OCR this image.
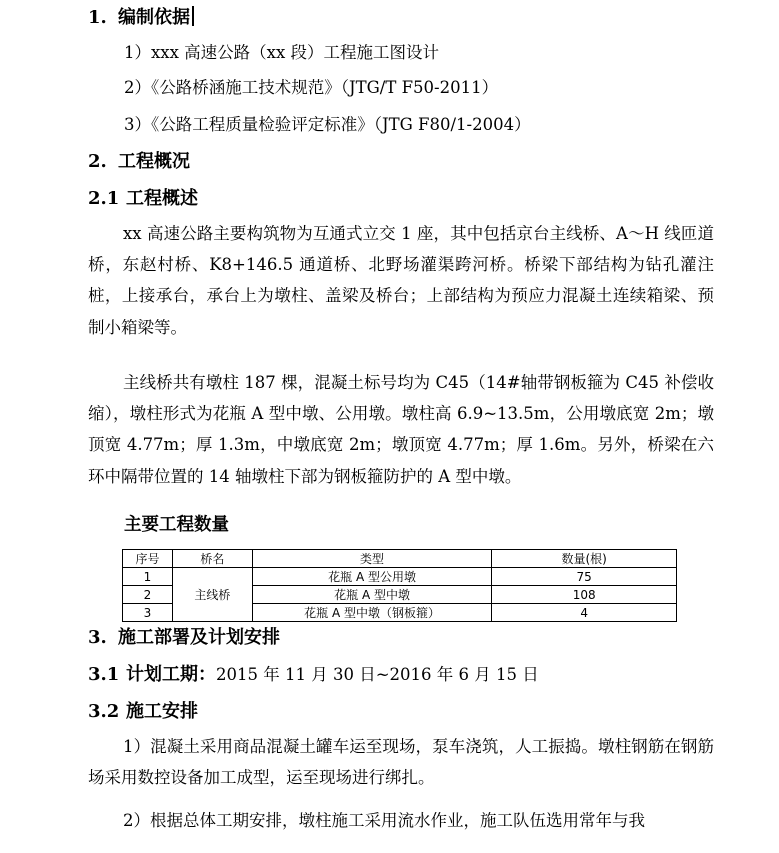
1. 编制依据
1）xxx 高速公路（xx 段）工程施工图设计
2）《公路桥涵施工技术规范》（JTG/T F50-2011）
3）《公路工程质量检验评定标准》（JTG F80/1-2004）
2. 工程概况
2.1 工程概述

xx 高速公路主要构筑物为互通式立交 1 座，其中包括京台主线桥、A～H 线匝道桥，东赵村桥、K8+146.5 通道桥、北野场灌渠跨河桥。桥梁下部结构为钻孔灌注桩，上接承台，承台上为墩柱、盖梁及桥台；上部结构为预应力混凝土连续箱梁、预制小箱梁等。

主线桥共有墩柱 187 棵，混凝土标号均为 C45（14#轴带钢板箍为 C45 补偿收缩），墩柱形式为花瓶 A 型中墩、公用墩。墩柱高 6.9~13.5m，公用墩底宽 2m；墩顶宽 4.77m；厚 1.3m，中墩底宽 2m；墩顶宽 4.77m；厚 1.6m。另外，桥梁在六环中隔带位置的 14 轴墩柱下部为钢板箍防护的 A 型中墩。

主要工程数量
序号	桥名	类型	数量(根)
1	主线桥	花瓶 A 型公用墩	75
2		花瓶 A 型中墩	108
3		花瓶 A 型中墩（钢板箍）	4
3. 施工部署及计划安排
3.1 计划工期：2015 年 11 月 30 日~2016 年 6 月 15 日
3.2 施工安排

1）混凝土采用商品混凝土罐车运至现场，泵车浇筑，人工振捣。墩柱钢筋在钢筋场采用数控设备加工成型，运至现场进行绑扎。

2）根据总体工期安排，墩柱施工采用流水作业，施工队伍选用常年与我
